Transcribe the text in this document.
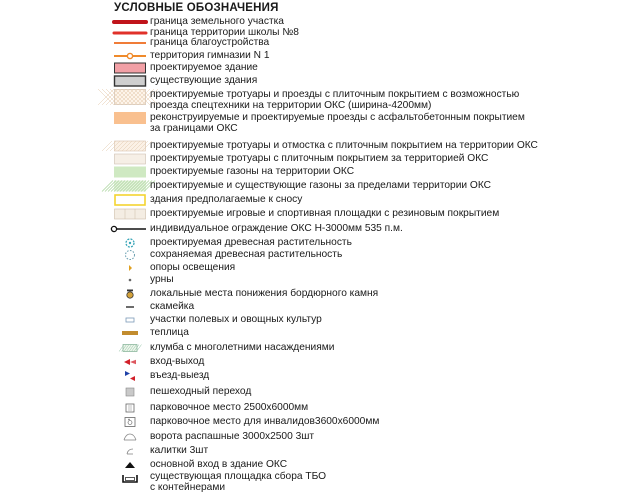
УСЛОВНЫЕ ОБОЗНАЧЕНИЯ
граница земельного участка
граница территории школы №8
граница благоустройства
территория гимназии N 1
проектируемое здание
существующие здания
проектируемые тротуары и проезды с плиточным покрытием с возможностью
проезда спецтехники на территории ОКС (ширина-4200мм)
реконструируемые и проектируемые проезды с асфальтобетонным покрытием
за границами ОКС
проектируемые тротуары и отмостка с плиточным покрытием на территории ОКС
проектируемые тротуары с плиточным покрытием за территорией ОКС
проектируемые газоны на территории ОКС
проектируемые и существующие газоны за пределами территории ОКС
здания предполагаемые к сносу
проектируемые игровые и спортивная площадки с резиновым покрытием
индивидуальное ограждение ОКС Н-3000мм 535 п.м.
проектируемая древесная растительность
сохраняемая древесная растительность
опоры освещения
урны
локальные места понижения бордюрного камня
скамейка
участки полевых и овощных культур
теплица
клумба с многолетними насаждениями
вход-выход
въезд-выезд
пешеходный переход
парковочное место 2500х6000мм
парковочное место для инвалидов3600х6000мм
ворота распашные 3000х2500 3шт
калитки 3шт
основной вход в здание ОКС
существующая площадка сбора ТБО
с контейнерами
